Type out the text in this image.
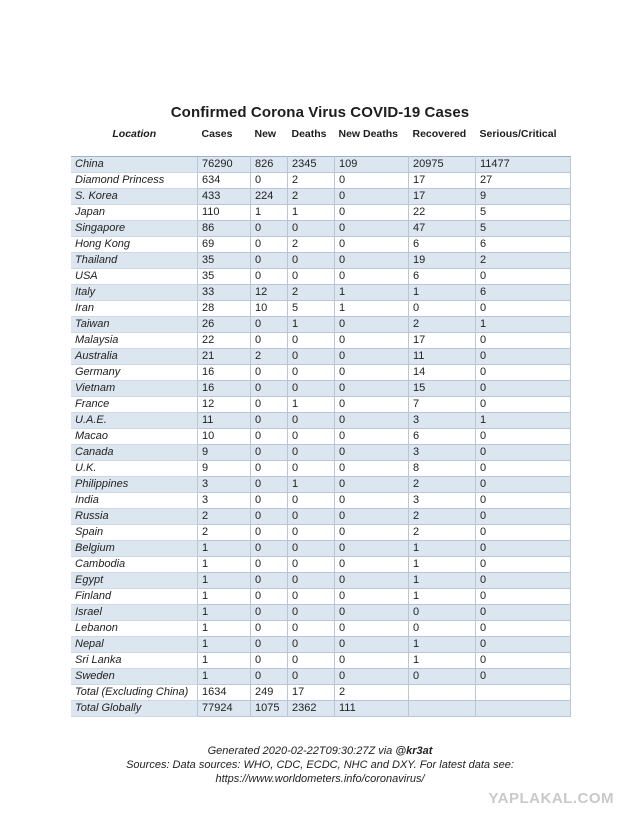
Confirmed Corona Virus COVID-19 Cases
Location	Cases	New	Deaths	New Deaths	Recovered	Serious/Critical

China	76290	826	2345	109	20975	11477
Diamond Princess	634	0	2	0	17	27
S. Korea	433	224	2	0	17	9
Japan	110	1	1	0	22	5
Singapore	86	0	0	0	47	5
Hong Kong	69	0	2	0	6	6
Thailand	35	0	0	0	19	2
USA	35	0	0	0	6	0
Italy	33	12	2	1	1	6
Iran	28	10	5	1	0	0
Taiwan	26	0	1	0	2	1
Malaysia	22	0	0	0	17	0
Australia	21	2	0	0	11	0
Germany	16	0	0	0	14	0
Vietnam	16	0	0	0	15	0
France	12	0	1	0	7	0
U.A.E.	11	0	0	0	3	1
Macao	10	0	0	0	6	0
Canada	9	0	0	0	3	0
U.K.	9	0	0	0	8	0
Philippines	3	0	1	0	2	0
India	3	0	0	0	3	0
Russia	2	0	0	0	2	0
Spain	2	0	0	0	2	0
Belgium	1	0	0	0	1	0
Cambodia	1	0	0	0	1	0
Egypt	1	0	0	0	1	0
Finland	1	0	0	0	1	0
Israel	1	0	0	0	0	0
Lebanon	1	0	0	0	0	0
Nepal	1	0	0	0	1	0
Sri Lanka	1	0	0	0	1	0
Sweden	1	0	0	0	0	0
Total (Excluding China)	1634	249	17	2		
Total Globally	77924	1075	2362	111		
Generated 2020-02-22T09:30:27Z via @kr3at
Sources: Data sources: WHO, CDC, ECDC, NHC and DXY. For latest data see:
https://www.worldometers.info/coronavirus/
YAPLAKAL.COM
